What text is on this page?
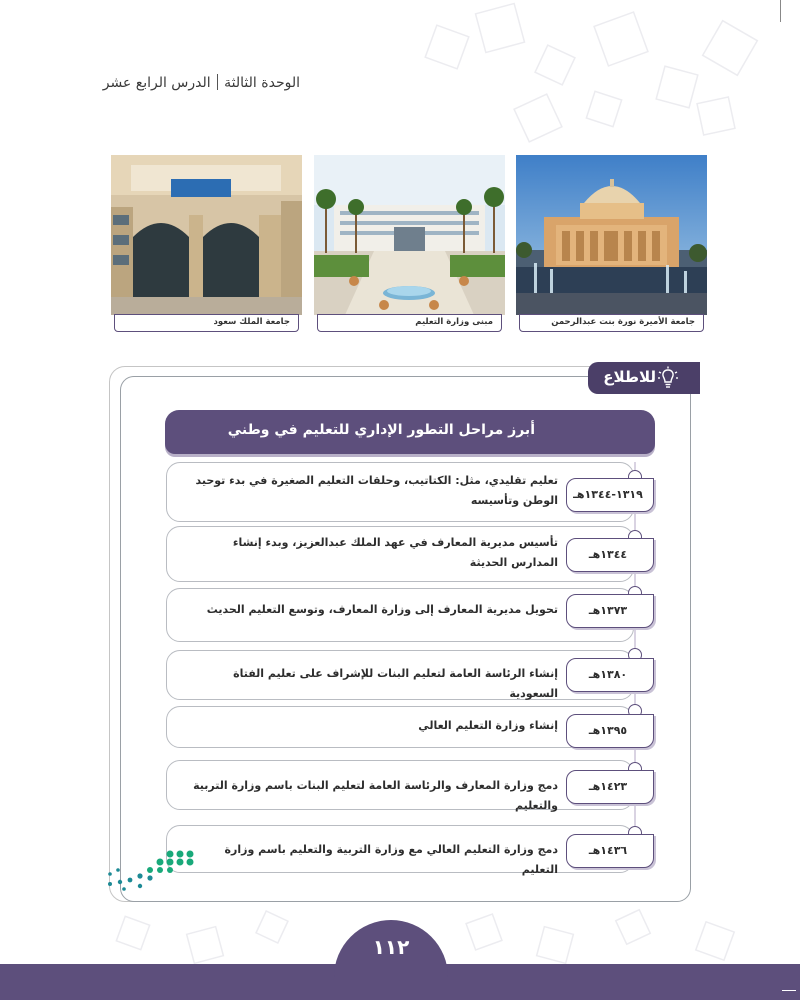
الوحدة الثالثةالدرس الرابع عشر
جامعة الأميرة نورة بنت عبدالرحمن
مبنى وزارة التعليم
جامعة الملك سعود
للاطلاع
أبرز مراحل التطور الإداري للتعليم في وطني
١٣١٩-١٣٤٤هـ
تعليم تقليدي، مثل: الكتاتيب، وحلقات التعليم الصغيرة في بدء توحيد الوطن وتأسيسه
١٣٤٤هـ
تأسيس مديرية المعارف في عهد الملك عبدالعزيز، وبدء إنشاء المدارس الحديثة
١٣٧٣هـ
تحويل مديرية المعارف إلى وزارة المعارف، وتوسع التعليم الحديث
١٣٨٠هـ
إنشاء الرئاسة العامة لتعليم البنات للإشراف على تعليم الفتاة السعودية
١٣٩٥هـ
إنشاء وزارة التعليم العالي
١٤٢٣هـ
دمج وزارة المعارف والرئاسة العامة لتعليم البنات باسم وزارة التربية والتعليم
١٤٣٦هـ
دمج وزارة التعليم العالي مع وزارة التربية والتعليم باسم وزارة التعليم
١١٢
